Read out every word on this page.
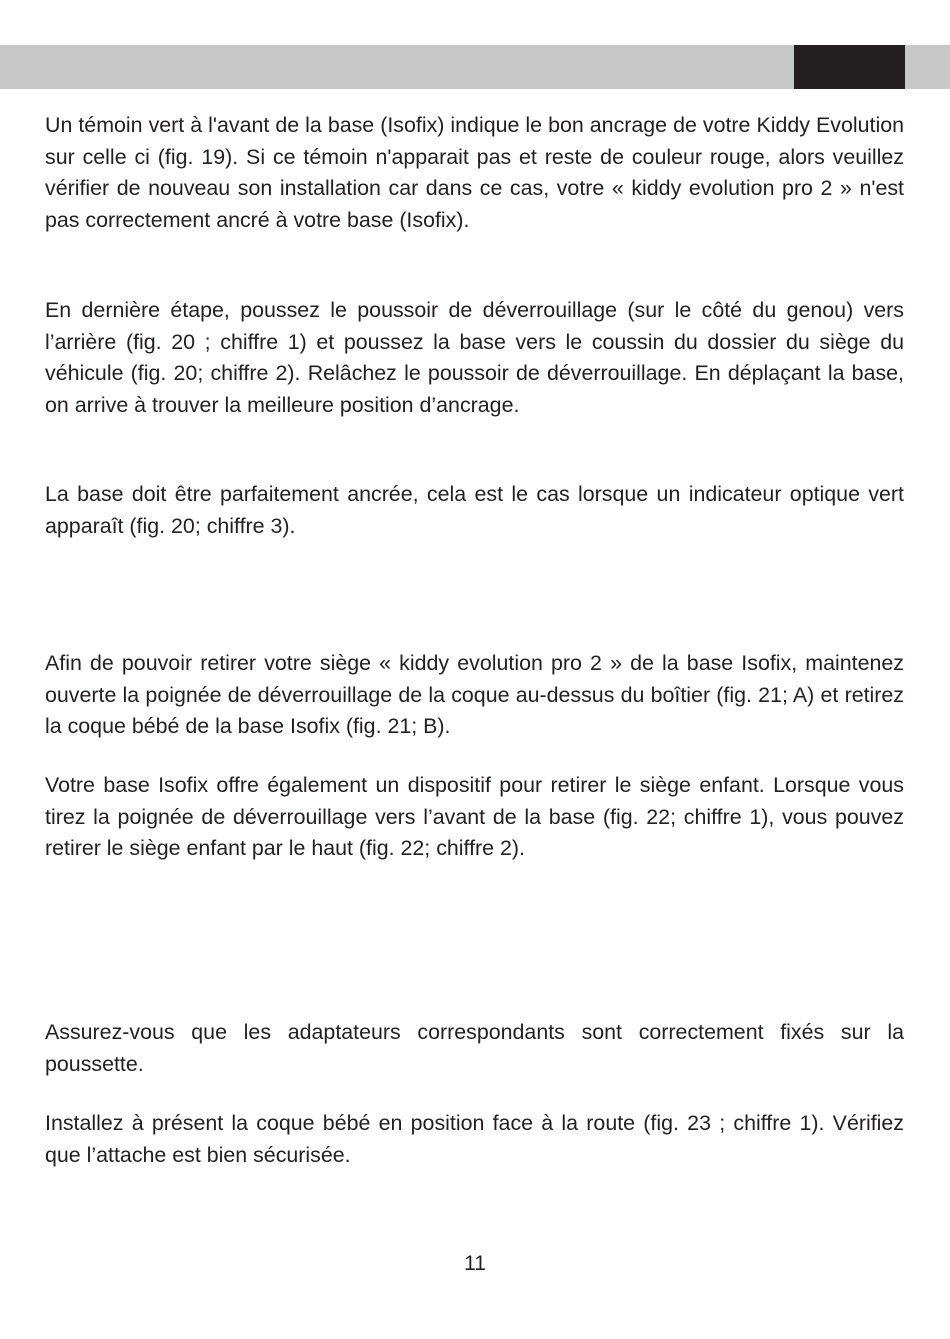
Un témoin vert à l'avant de la base (Isofix) indique le bon ancrage de votre Kiddy Evolution sur celle ci (fig. 19). Si ce témoin n'apparait pas et reste de couleur rouge, alors veuillez vérifier de nouveau son installation car dans ce cas, votre « kiddy evolution pro 2 » n'est pas correctement ancré à votre base (Isofix).

En dernière étape, poussez le poussoir de déverrouillage (sur le côté du genou) vers l’arrière (fig. 20 ; chiffre 1) et poussez la base vers le coussin du dossier du siège du véhicule (fig. 20; chiffre 2). Relâchez le poussoir de déverrouillage. En déplaçant la base, on arrive à trouver la meilleure position d’ancrage.

La base doit être parfaitement ancrée, cela est le cas lorsque un indicateur optique vert apparaît (fig. 20; chiffre 3).

Afin de pouvoir retirer votre siège « kiddy evolution pro 2 » de la base Isofix, maintenez ouverte la poignée de déverrouillage de la coque au-dessus du boîtier (fig. 21; A) et retirez la coque bébé de la base Isofix (fig. 21; B).

Votre base Isofix offre également un dispositif pour retirer le siège enfant. Lorsque vous tirez la poignée de déverrouillage vers l’avant de la base (fig. 22; chiffre 1), vous pouvez retirer le siège enfant par le haut (fig. 22; chiffre 2).

Assurez-vous que les adaptateurs correspondants sont correctement fixés sur la poussette.

Installez à présent la coque bébé en position face à la route (fig. 23 ; chiffre 1). Vérifiez que l’attache est bien sécurisée.

11
